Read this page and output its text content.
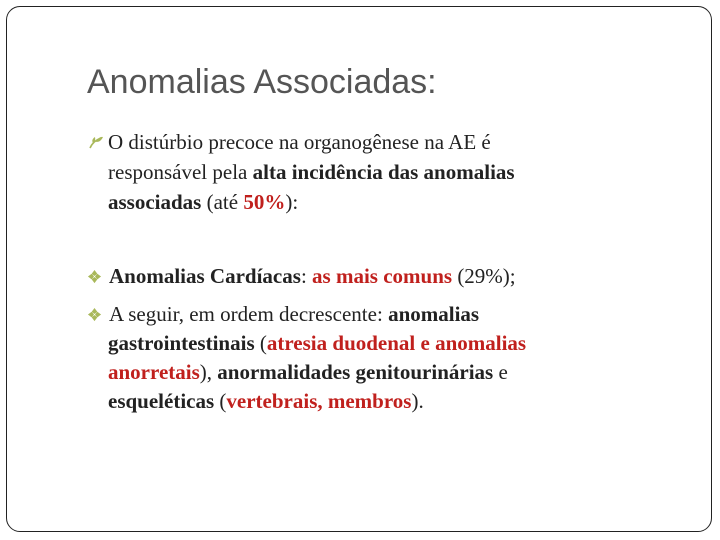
Anomalias Associadas:
O distúrbio precoce na organogênese na AE é
responsável pela alta incidência das anomalias
associadas (até 50%):
Anomalias Cardíacas: as mais comuns (29%);
A seguir, em ordem decrescente: anomalias
gastrointestinais (atresia duodenal e anomalias
anorretais), anormalidades genitourinárias e
esqueléticas (vertebrais, membros).
